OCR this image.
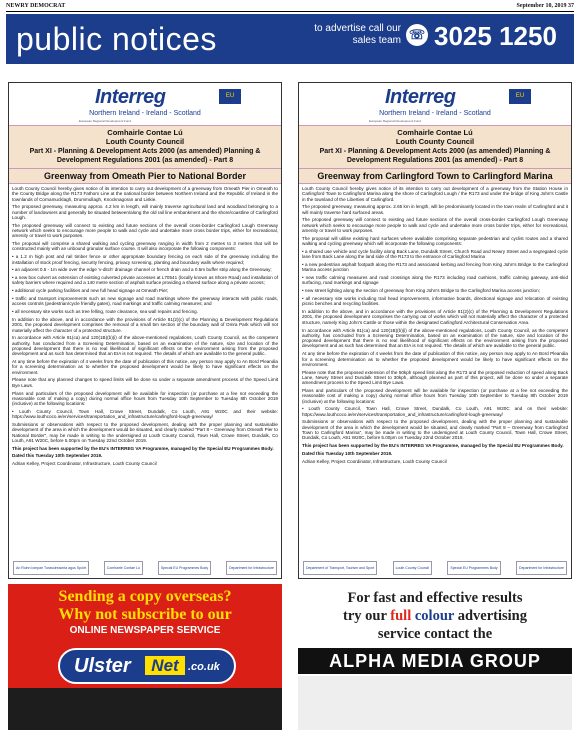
NEWRY DEMOCRAT	September 10, 2019 37
public notices	to advertise call our sales team ☏ 3025 1250
Interreg	EU
Northern Ireland - Ireland - Scotland
European Regional Development Fund
Comhairle Contae Lú
Louth County Council
Part XI - Planning & Development Acts 2000 (as amended) Planning & Development Regulations 2001 (as amended) - Part 8
Greenway from Omeath Pier to National Border

Louth County Council hereby gives notice of its intention to carry out development of a greenway from Omeath Pier in Omeath to the County Bridge along the R173 Fathom Line at the national border between Northern Ireland and the Republic of Ireland in the townlands of Cornamucklagh, Drummullagh, Knocknagoran and Liskie.

The proposed greenway, measuring approx. 4.2 km in length, will mainly traverse agricultural land and woodland belonging to a number of landowners and generally be situated between/along the old rail line embankment and the shore/coastline of Carlingford Lough.

The proposed greenway will connect to existing and future sections of the overall cross-border Carlingford Lough Greenway network which seeks to encourage more people to walk and cycle and undertake more cross border trips, either for recreational, amenity or travel to work purposes.

The proposal will comprise a shared walking and cycling greenway ranging in width from 2 metres to 3 metres that will be constructed mainly with an unbound granular surface course. It will also incorporate the following components:

• a 1.2 m high post and rail timber fence or other appropriate boundary fencing on each side of the greenway including the installation of stock proof fencing, security fencing, privacy screening, planting and boundary walls where required;

• an adjacent 0.5 - 1m wide over the edge 'v-ditch' drainage channel or french drain and a 0.5m buffer strip along the Greenway;

• a new box culvert as extension of existing culverted private accesses at L70541 (locally known as Shore Road) and installation of safety barriers where required and a 140 metre section of asphalt surface providing a shared surface along a private access;

• additional cycle parking facilities and new full head signage at Omeath Pier;

• traffic and transport improvements such as new signage and road markings where the greenway interacts with public roads, access controls (pedestrian/cycle friendly gates), road markings and traffic calming measures; and

• all necessary site works such as tree felling, route clearance, sea wall repairs and fencing.

In addition to the above, and in accordance with the provisions of Article 81(2)(c) of the Planning & Development Regulations 2001, the proposed development comprises the removal of a small 5m section of the boundary wall of Omra Park which will not materially affect the character of a protected structure.

In accordance with Article 81(ca) and 120(1B)(b)(i) of the above-mentioned regulations, Louth County Council, as the competent authority, has conducted from a Screening Determination, based on an examination of the nature, size and location of the proposed development that there is no real likelihood of significant effects on the environment arising from the proposed development and as such has determined that an EIA is not required. The details of which are available to the general public.

At any time before the expiration of 4 weeks from the date of publication of this notice, any person may apply to An Bord Pleanála for a screening determination as to whether the proposed development would be likely to have significant effects on the environment.

Please note that any planned changes to speed limits will be done so under a separate amendment process of the Speed Limit Bye Laws.

Plans and particulars of the proposed development will be available for inspection (or purchase at a fee not exceeding the reasonable cost of making a copy) during normal office hours from Tuesday 10th September to Tuesday 8th October 2019 (inclusive) at the following locations:

• Louth County Council, Town Hall, Crowe Street, Dundalk, Co Louth, A91 W20C and their website: https://www.louthcoco.ie/en/services/transportation_and_infrastructure/carlingford-lough-greenway/

Submissions or observations with respect to the proposed development, dealing with the proper planning and sustainable development of the area in which the development would be situated, and clearly marked "Part 8 – Greenway from Omeath Pier to National Border", may be made in writing to the undersigned at Louth County Council, Town Hall, Crowe Street, Dundalk, Co Louth, A91 W20C, before 5.00pm on Tuesday 22nd October 2019.

This project has been supported by the EU's INTERREG VA Programme, managed by the Special EU Programmes Body.

Dated this Tuesday 10th September 2019.

Adrian Kelley, Project Coordinator, Infrastructure, Louth County Council

An Roinn Iompair Turasóireachta agus Spóirt	Comhairle Contae Lú	Special EU Programmes Body	Department for Infrastructure
Interreg	EU
Northern Ireland - Ireland - Scotland
European Regional Development Fund
Comhairle Contae Lú
Louth County Council
Part XI - Planning & Development Acts 2000 (as amended) Planning & Development Regulations 2001 (as amended) - Part 8
Greenway from Carlingford Town to Carlingford Marina

Louth County Council hereby gives notice of its intention to carry out development of a greenway from the Station House in Carlingford Town to Carlingford Marina along the shore of Carlingford Lough / the R173 and under the bridge of King John's Castle in the townland of the Liberties of Carlingford.

The proposed greenway, measuring approx. 2.65 km in length, will be predominantly located in the town realm of Carlingford and it will mainly traverse hard surfaced areas.

The proposed greenway will connect to existing and future sections of the overall cross-border Carlingford Lough Greenway network which seeks to encourage more people to walk and cycle and undertake more cross border trips, either for recreational, amenity or travel to work purposes.

The proposal will utilise existing hard surfaces where available comprising separate pedestrian and cyclist routes and a shared walking and cycling greenway which will incorporate the following components:

• a shared use vehicle and cycle facility along Back Lane, Dundalk Street, Church Road and Newry Street and a segregated cycle lane from Back Lane along the land side of the R173 to the entrance of Carlingford Marina

• a new pedestrian asphalt footpath along the R173 and associated kerbing and fencing from King John's Bridge to the Carlingford Marina access junction

• new traffic calming measures and road crossings along the R173 including road cushions, traffic calming gateway, anti-skid surfacing, road markings and signage

• new street lighting along the section of greenway from King John's Bridge to the Carlingford Marina access junction;

• all necessary site works including trail head improvements, informative boards, directional signage and relocation of existing picnic benches and recycling facilities.

In addition to the above, and in accordance with the provisions of Article 81(2)(c) of the Planning & Development Regulations 2001, the proposed development comprises the carrying out of works which will not materially affect the character of a protected structure, namely King John's Castle or those within the designated Carlingford Architectural Conservation Area.

In accordance with Article 81(ca) and 120(1B)(b)(i) of the above-mentioned regulations, Louth County Council, as the competent authority, has concluded from a Screening Determination, based on an examination of the nature, size and location of the proposed development that there is no real likelihood of significant effects on the environment arising from the proposed development and as such has determined that an EIA is not required. The details of which are available to the general public.

At any time before the expiration of 4 weeks from the date of publication of this notice, any person may apply to An Bord Pleanála for a screening determination as to whether the proposed development would be likely to have significant effects on the environment.

Please note that the proposed extension of the 50kph speed limit along the R173 and the proposed reduction of speed along Back Lane, Newry Street and Dundalk Street to 30kph, although planned as part of this project, will be done so under a separate amendment process to the Speed Limit Bye Laws.

Plans and particulars of the proposed development will be available for inspection (or purchase at a fee not exceeding the reasonable cost of making a copy) during normal office hours from Tuesday 10th September to Tuesday 8th October 2019 (inclusive) at the following locations:

• Louth County Council, Town Hall, Crowe Street, Dundalk, Co Louth, A91 W20C and on their website: https://www.louthcoco.ie/en/services/transportation_and_infrastructure/carlingford-lough-greenway/

Submissions or observations with respect to the proposed development, dealing with the proper planning and sustainable development of the area in which the development would be situated, and clearly marked "Part 8 – Greenway from Carlingford Town to Carlingford Marina", may be made in writing to the undersigned at Louth County Council, Town Hall, Crowe Street, Dundalk, Co Louth, A91 W20C, before 5.00pm on Tuesday 22nd October 2019.

This project has been supported by the EU's INTERREG VA Programme, managed by the Special EU Programmes Body.

Dated this Tuesday 10th September 2019.

Adrian Kelley, Project Coordinator, Infrastructure, Louth County Council

Department of Transport, Tourism and Sport	Louth County Council	Special EU Programmes Body	Department for Infrastructure
Sending a copy overseas?
Why not subscribe to our
ONLINE NEWSPAPER SERVICE
Ulster	Net .co.uk
For fast and effective results
try our full colour advertising
service contact the
ALPHA MEDIA GROUP
